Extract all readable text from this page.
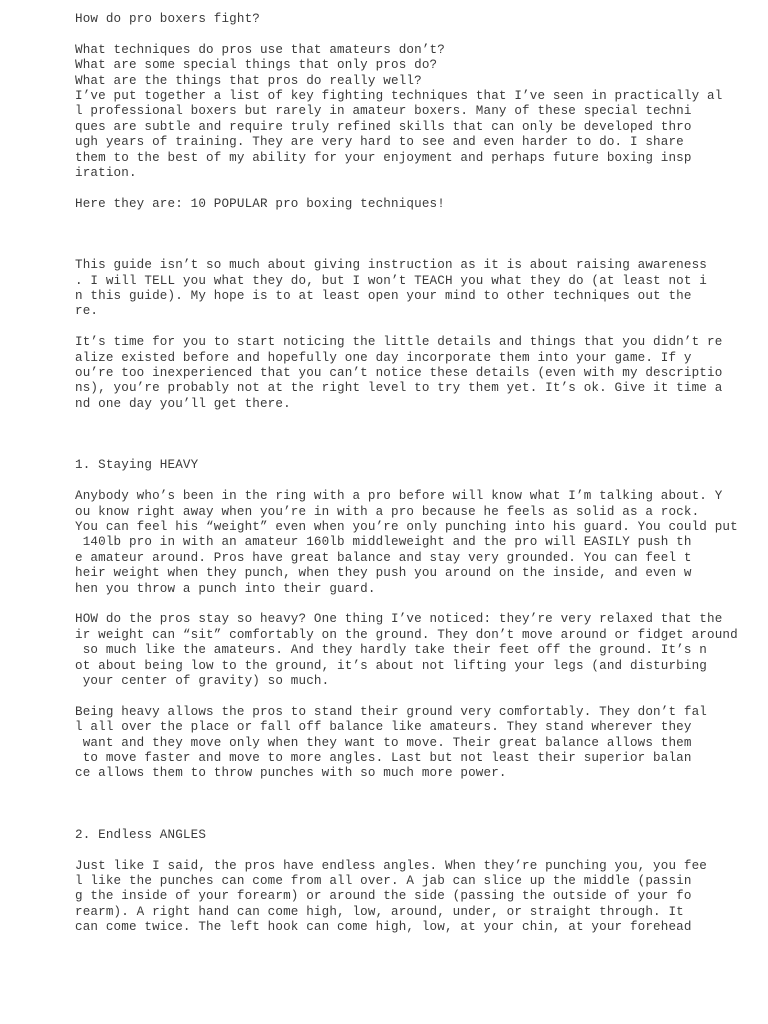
How do pro boxers fight?

What techniques do pros use that amateurs don’t?
What are some special things that only pros do?
What are the things that pros do really well?

I’ve put together a list of key fighting techniques that I’ve seen in practically al
l professional boxers but rarely in amateur boxers. Many of these special techni
ques are subtle and require truly refined skills that can only be developed thro
ugh years of training. They are very hard to see and even harder to do. I share
them to the best of my ability for your enjoyment and perhaps future boxing insp
iration.

Here they are: 10 POPULAR pro boxing techniques!

This guide isn’t so much about giving instruction as it is about raising awareness
. I will TELL you what they do, but I won’t TEACH you what they do (at least not i
n this guide). My hope is to at least open your mind to other techniques out the
re.

It’s time for you to start noticing the little details and things that you didn’t re
alize existed before and hopefully one day incorporate them into your game. If y
ou’re too inexperienced that you can’t notice these details (even with my descriptio
ns), you’re probably not at the right level to try them yet. It’s ok. Give it time a
nd one day you’ll get there.

1. Staying HEAVY

Anybody who’s been in the ring with a pro before will know what I’m talking about. Y
ou know right away when you’re in with a pro because he feels as solid as a rock.
You can feel his “weight” even when you’re only punching into his guard. You could put
140lb pro in with an amateur 160lb middleweight and the pro will EASILY push th
e amateur around. Pros have great balance and stay very grounded. You can feel t
heir weight when they punch, when they push you around on the inside, and even w
hen you throw a punch into their guard.

HOW do the pros stay so heavy? One thing I’ve noticed: they’re very relaxed that the
ir weight can “sit” comfortably on the ground. They don’t move around or fidget around
so much like the amateurs. And they hardly take their feet off the ground. It’s n
ot about being low to the ground, it’s about not lifting your legs (and disturbing
your center of gravity) so much.

Being heavy allows the pros to stand their ground very comfortably. They don’t fal
l all over the place or fall off balance like amateurs. They stand wherever they
want and they move only when they want to move. Their great balance allows them
to move faster and move to more angles. Last but not least their superior balan
ce allows them to throw punches with so much more power.

2. Endless ANGLES

Just like I said, the pros have endless angles. When they’re punching you, you fee
l like the punches can come from all over. A jab can slice up the middle (passin
g the inside of your forearm) or around the side (passing the outside of your fo
rearm). A right hand can come high, low, around, under, or straight through. It
can come twice. The left hook can come high, low, at your chin, at your forehead
